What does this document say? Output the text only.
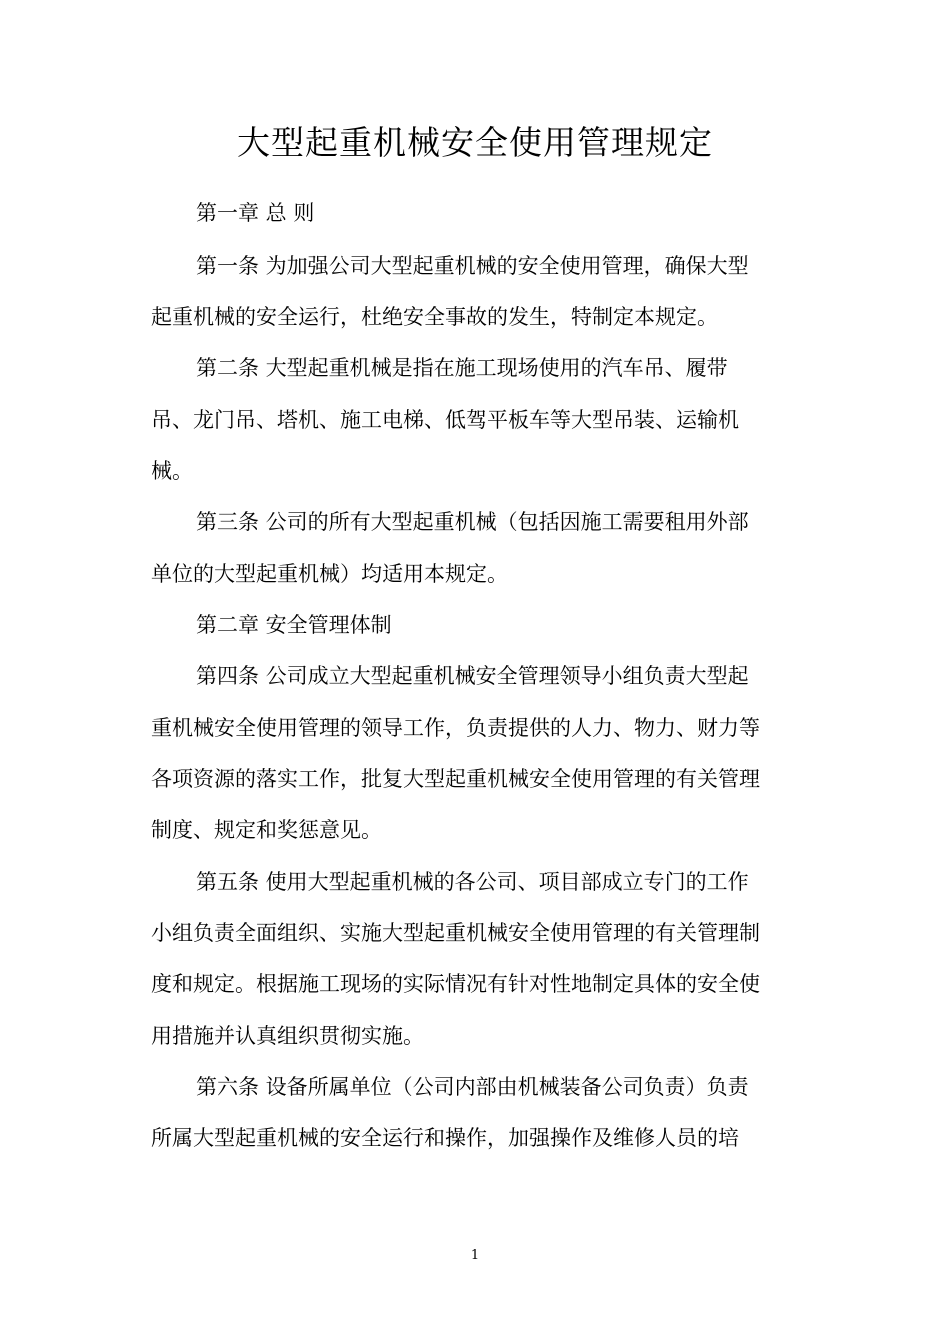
大型起重机械安全使用管理规定
第一章 总 则
第一条 为加强公司大型起重机械的安全使用管理，确保大型
起重机械的安全运行，杜绝安全事故的发生，特制定本规定。
第二条 大型起重机械是指在施工现场使用的汽车吊、履带
吊、龙门吊、塔机、施工电梯、低驾平板车等大型吊装、运输机
械。
第三条 公司的所有大型起重机械（包括因施工需要租用外部
单位的大型起重机械）均适用本规定。
第二章 安全管理体制
第四条 公司成立大型起重机械安全管理领导小组负责大型起
重机械安全使用管理的领导工作，负责提供的人力、物力、财力等
各项资源的落实工作，批复大型起重机械安全使用管理的有关管理
制度、规定和奖惩意见。
第五条 使用大型起重机械的各公司、项目部成立专门的工作
小组负责全面组织、实施大型起重机械安全使用管理的有关管理制
度和规定。根据施工现场的实际情况有针对性地制定具体的安全使
用措施并认真组织贯彻实施。
第六条 设备所属单位（公司内部由机械装备公司负责）负责
所属大型起重机械的安全运行和操作，加强操作及维修人员的培
1
